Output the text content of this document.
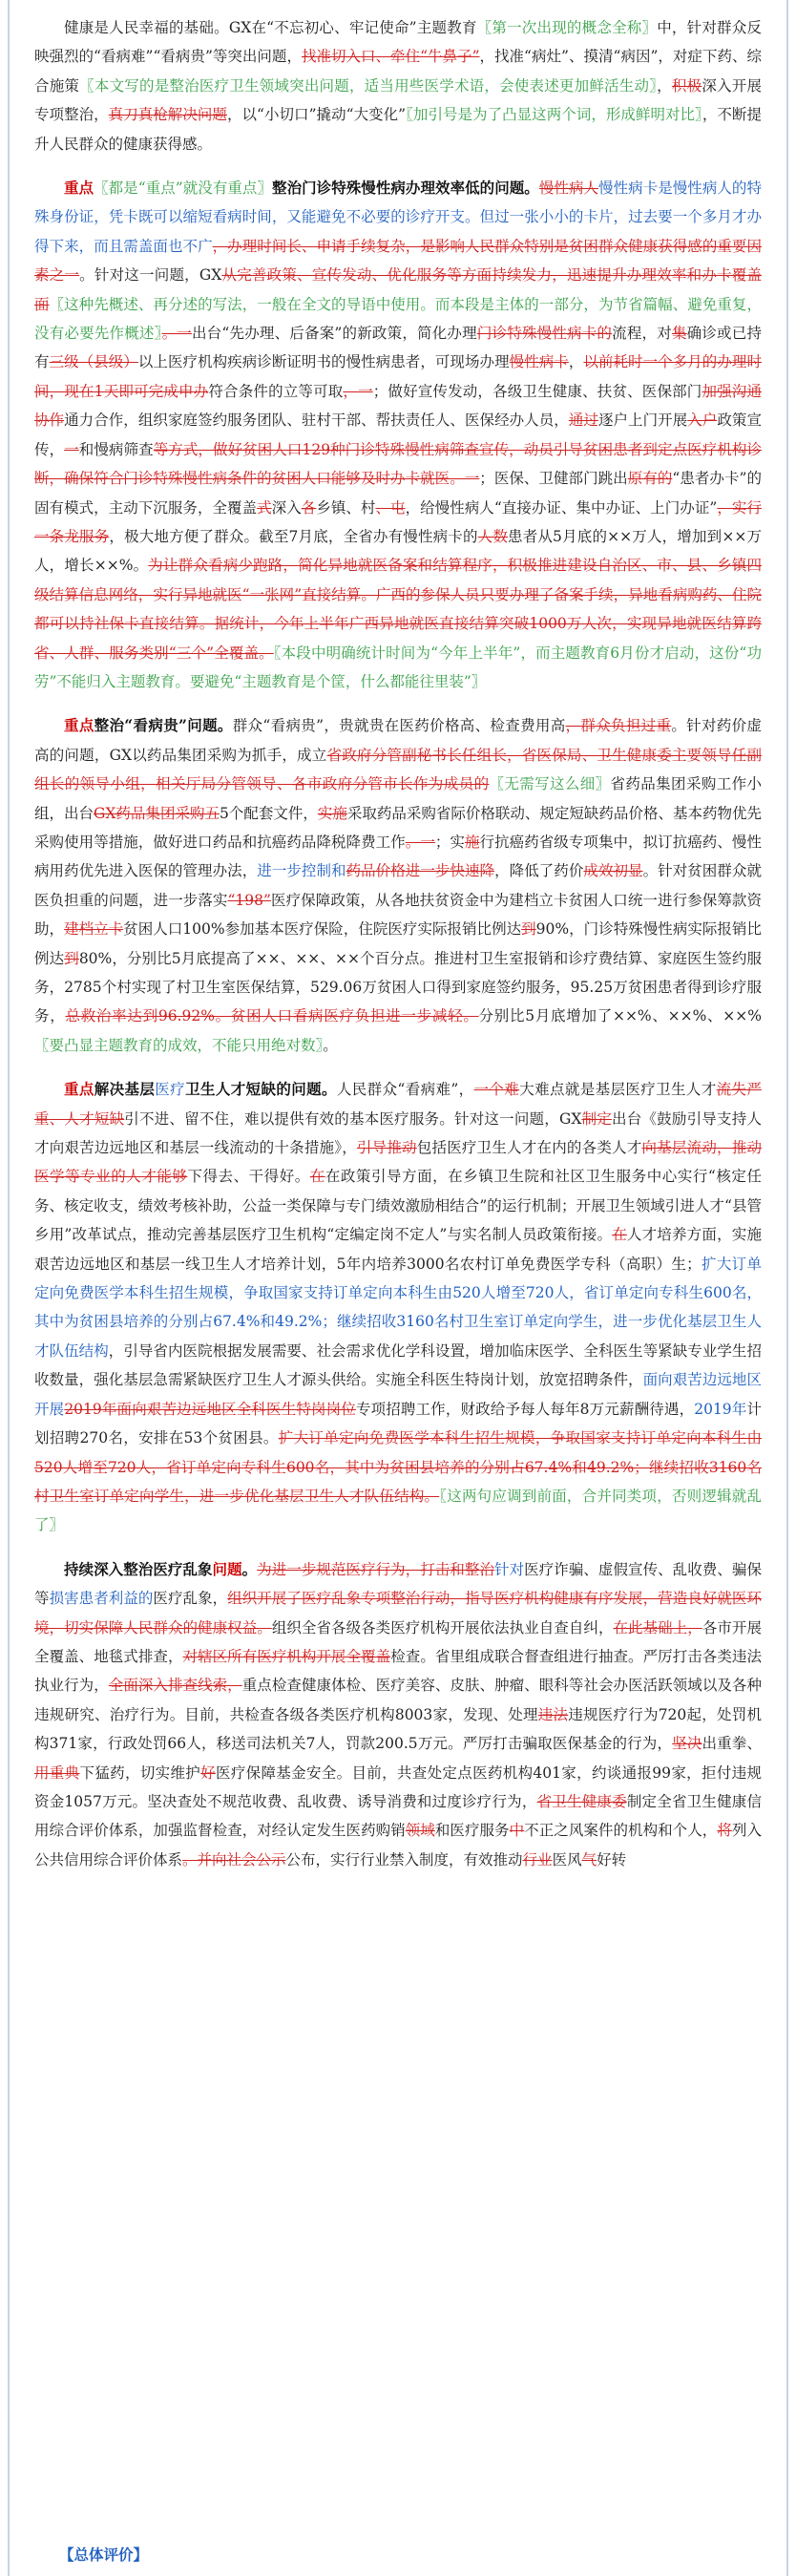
健康是人民幸福的基础。GX在“不忘初心、牢记使命”主题教育〖第一次出现的概念全称〗中，针对群众反映强烈的“看病难”“看病贵”等突出问题，找准切入口、牵住“牛鼻子”，找准“病灶”、摸清“病因”，对症下药、综合施策〖本文写的是整治医疗卫生领域突出问题，适当用些医学术语，会使表述更加鲜活生动〗，积极深入开展专项整治，真刀真枪解决问题，以“小切口”撬动“大变化”〖加引号是为了凸显这两个词，形成鲜明对比〗，不断提升人民群众的健康获得感。

重点〖都是“重点”就没有重点〗整治门诊特殊慢性病办理效率低的问题。慢性病人慢性病卡是慢性病人的特殊身份证，凭卡既可以缩短看病时间，又能避免不必要的诊疗开支。但过一张小小的卡片，过去要一个多月才办得下来，而且需盖面也不广，办理时间长、申请手续复杂，是影响人民群众特别是贫困群众健康获得感的重要因素之一。针对这一问题，GX从完善政策、宣传发动、优化服务等方面持续发力，迅速提升办理效率和办卡覆盖面〖这种先概述、再分述的写法，一般在全文的导语中使用。而本段是主体的一部分，为节省篇幅、避免重复，没有必要先作概述〗。一出台“先办理、后备案”的新政策，简化办理门诊特殊慢性病卡的流程，对集确诊或已持有三级（县级）以上医疗机构疾病诊断证明书的慢性病患者，可现场办理慢性病卡，以前耗时一个多月的办理时间，现在1天即可完成申办符合条件的立等可取，一；做好宣传发动，各级卫生健康、扶贫、医保部门加强沟通协作通力合作，组织家庭签约服务团队、驻村干部、帮扶责任人、医保经办人员，通过逐户上门开展入户政策宣传，一和慢病筛查等方式，做好贫困人口129种门诊特殊慢性病筛查宣传，动员引导贫困患者到定点医疗机构诊断，确保符合门诊特殊慢性病条件的贫困人口能够及时办卡就医。一；医保、卫健部门跳出原有的“患者办卡”的固有模式，主动下沉服务，全覆盖式深入各乡镇、村、屯，给慢性病人“直接办证、集中办证、上门办证”，实行一条龙服务，极大地方便了群众。截至7月底，全省办有慢性病卡的人数患者从5月底的××万人，增加到××万人，增长××%。为让群众看病少跑路，简化异地就医备案和结算程序，积极推进建设自治区、市、县、乡镇四级结算信息网络，实行异地就医“一张网”直接结算。广西的参保人员只要办理了备案手续，异地看病购药、住院都可以持社保卡直接结算。据统计，今年上半年广西异地就医直接结算突破1000万人次，实现异地就医结算跨省、人群、服务类别“三个”全覆盖。〖本段中明确统计时间为“今年上半年”，而主题教育6月份才启动，这份“功劳”不能归入主题教育。要避免“主题教育是个筐，什么都能往里装”〗

重点整治“看病贵”问题。群众“看病贵”，贵就贵在医药价格高、检查费用高，群众负担过重。针对药价虚高的问题，GX以药品集团采购为抓手，成立省政府分管副秘书长任组长，省医保局、卫生健康委主要领导任副组长的领导小组，相关厅局分管领导、各市政府分管市长作为成员的〖无需写这么细〗省药品集团采购工作小组，出台GX药品集团采购五5个配套文件，实施采取药品采购省际价格联动、规定短缺药品价格、基本药物优先采购使用等措施，做好进口药品和抗癌药品降税降费工作。一；实施行抗癌药省级专项集中，拟订抗癌药、慢性病用药优先进入医保的管理办法，进一步控制和药品价格进一步快速降，降低了药价成效初显。针对贫困群众就医负担重的问题，进一步落实“198”医疗保障政策，从各地扶贫资金中为建档立卡贫困人口统一进行参保筹款资助，建档立卡贫困人口100%参加基本医疗保险，住院医疗实际报销比例达到90%，门诊特殊慢性病实际报销比例达到80%，分别比5月底提高了××、××、××个百分点。推进村卫生室报销和诊疗费结算、家庭医生签约服务，2785个村实现了村卫生室医保结算，529.06万贫困人口得到家庭签约服务，95.25万贫困患者得到诊疗服务，总救治率达到96.92%。贫困人口看病医疗负担进一步减轻。分别比5月底增加了××%、××%、××%〖要凸显主题教育的成效，不能只用绝对数〗。

重点解决基层医疗卫生人才短缺的问题。人民群众“看病难”，一个难大难点就是基层医疗卫生人才流失严重、人才短缺引不进、留不住，难以提供有效的基本医疗服务。针对这一问题，GX制定出台《鼓励引导支持人才向艰苦边远地区和基层一线流动的十条措施》，引导推动包括医疗卫生人才在内的各类人才向基层流动，推动医学等专业的人才能够下得去、干得好。在在政策引导方面，在乡镇卫生院和社区卫生服务中心实行“核定任务、核定收支，绩效考核补助，公益一类保障与专门绩效激励相结合”的运行机制；开展卫生领域引进人才“县管乡用”改革试点，推动完善基层医疗卫生机构“定编定岗不定人”与实名制人员政策衔接。在人才培养方面，实施艰苦边远地区和基层一线卫生人才培养计划，5年内培养3000名农村订单免费医学专科（高职）生；扩大订单定向免费医学本科生招生规模，争取国家支持订单定向本科生由520人增至720人，省订单定向专科生600名，其中为贫困县培养的分别占67.4%和49.2%；继续招收3160名村卫生室订单定向学生，进一步优化基层卫生人才队伍结构，引导省内医院根据发展需要、社会需求优化学科设置，增加临床医学、全科医生等紧缺专业学生招收数量，强化基层急需紧缺医疗卫生人才源头供给。实施全科医生特岗计划，放宽招聘条件，面向艰苦边远地区开展2019年面向艰苦边远地区全科医生特岗岗位专项招聘工作，财政给予每人每年8万元薪酬待遇，2019年计划招聘270名，安排在53个贫困县。扩大订单定向免费医学本科生招生规模，争取国家支持订单定向本科生由520人增至720人，省订单定向专科生600名，其中为贫困县培养的分别占67.4%和49.2%；继续招收3160名村卫生室订单定向学生，进一步优化基层卫生人才队伍结构。〖这两句应调到前面，合并同类项，否则逻辑就乱了〗

持续深入整治医疗乱象问题。为进一步规范医疗行为，打击和整治针对医疗诈骗、虚假宣传、乱收费、骗保等损害患者利益的医疗乱象，组织开展了医疗乱象专项整治行动，指导医疗机构健康有序发展，营造良好就医环境，切实保障人民群众的健康权益。组织全省各级各类医疗机构开展依法执业自查自纠，在此基础上，各市开展全覆盖、地毯式排查，对辖区所有医疗机构开展全覆盖检查。省里组成联合督查组进行抽查。严厉打击各类违法执业行为，全面深入排查线索，重点检查健康体检、医疗美容、皮肤、肿瘤、眼科等社会办医活跃领域以及各种违规研究、治疗行为。目前，共检查各级各类医疗机构8003家，发现、处理违法违规医疗行为720起，处罚机构371家，行政处罚66人，移送司法机关7人，罚款200.5万元。严厉打击骗取医保基金的行为，坚决出重拳、用重典下猛药，切实维护好医疗保障基金安全。目前，共查处定点医药机构401家，约谈通报99家，拒付违规资金1057万元。坚决查处不规范收费、乱收费、诱导消费和过度诊疗行为，省卫生健康委制定全省卫生健康信用综合评价体系，加强监督检查，对经认定发生医药购销领域和医疗服务中不正之风案件的机构和个人，将列入公共信用综合评价体系。并向社会公示公布，实行行业禁入制度，有效推动行业医风气好转

【总体评价】
